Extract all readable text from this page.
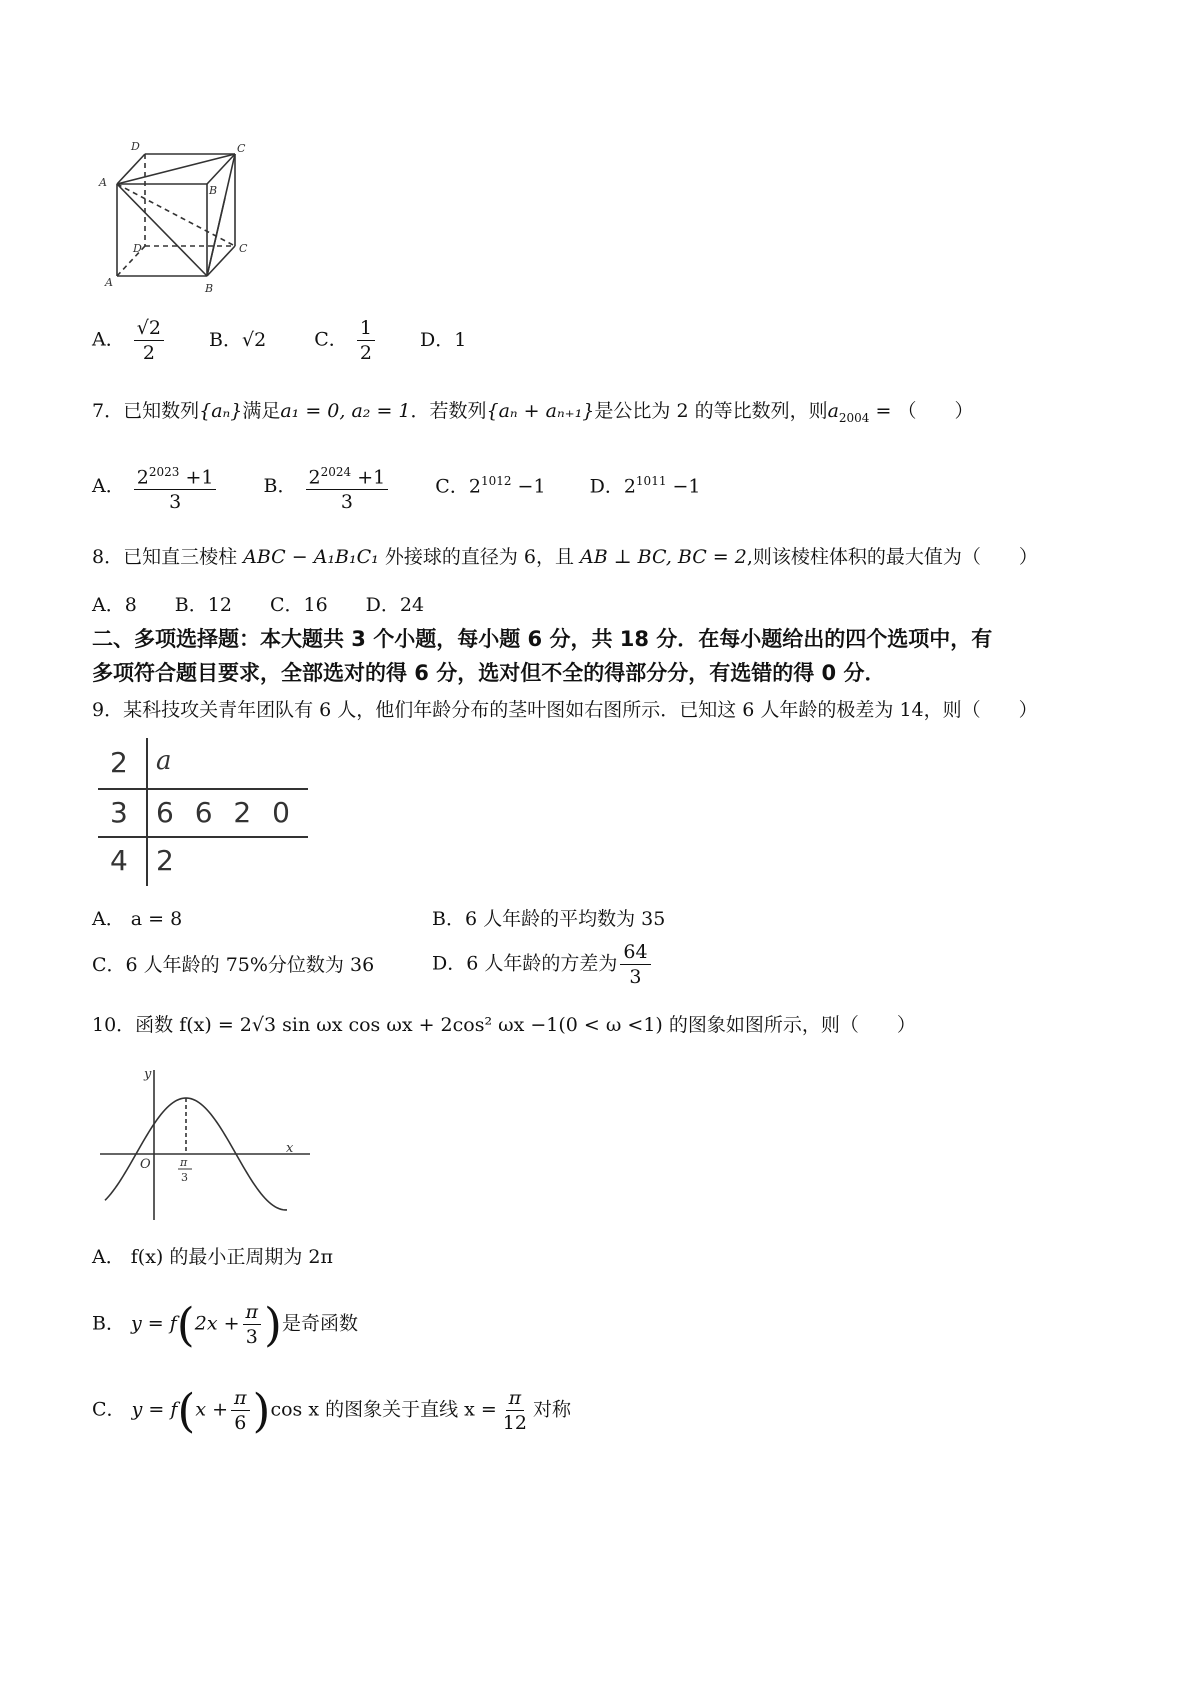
D	C
A
B
D	C
A	B
A． $\frac{√2}{2}$ B．√2	C． $\frac{1}{2}$ D．1
7．已知数列{aₙ}满足a₁ = 0, a₂ = 1．若数列{aₙ + aₙ₊₁}是公比为 2 的等比数列，则$a_{2004}$ = （　　）
A． $\frac{2^{2023} +1}{3}$ B． $\frac{2^{2024} +1}{3}$ C．$2^{1012} -1$ D．$2^{1011} -1$
8．已知直三棱柱 ABC − A₁B₁C₁ 外接球的直径为 6，且 AB ⊥ BC, BC = 2,则该棱柱体积的最大值为（　　）
A．8　　B．12　　C．16　　D．24
二、多项选择题：本大题共 3 个小题，每小题 6 分，共 18 分．在每小题给出的四个选项中，有
多项符合题目要求，全部选对的得 6 分，选对但不全的得部分分，有选错的得 0 分．
9．某科技攻关青年团队有 6 人，他们年龄分布的茎叶图如右图所示．已知这 6 人年龄的极差为 14，则（　　）
2 a
3 6 6 2 0
4 2
A． a = 8	B．6 人年龄的平均数为 35
C．6 人年龄的 75%分位数为 36	D．6 人年龄的方差为 $\frac{64}{3}$
10．函数 f(x) = 2√3 sin ωx cos ωx + 2cos² ωx −1(0 < ω <1) 的图象如图所示，则（　　）
y
x
O	π
3
A． f(x) 的最小正周期为 2π
B． $y = f(2x + \frac{\pi}{3}$ )是奇函数
C． $y = f(x + \frac{\pi}{6} )\cos$ x 的图象关于直线 $x = \frac{\pi}{12}$ 对称
